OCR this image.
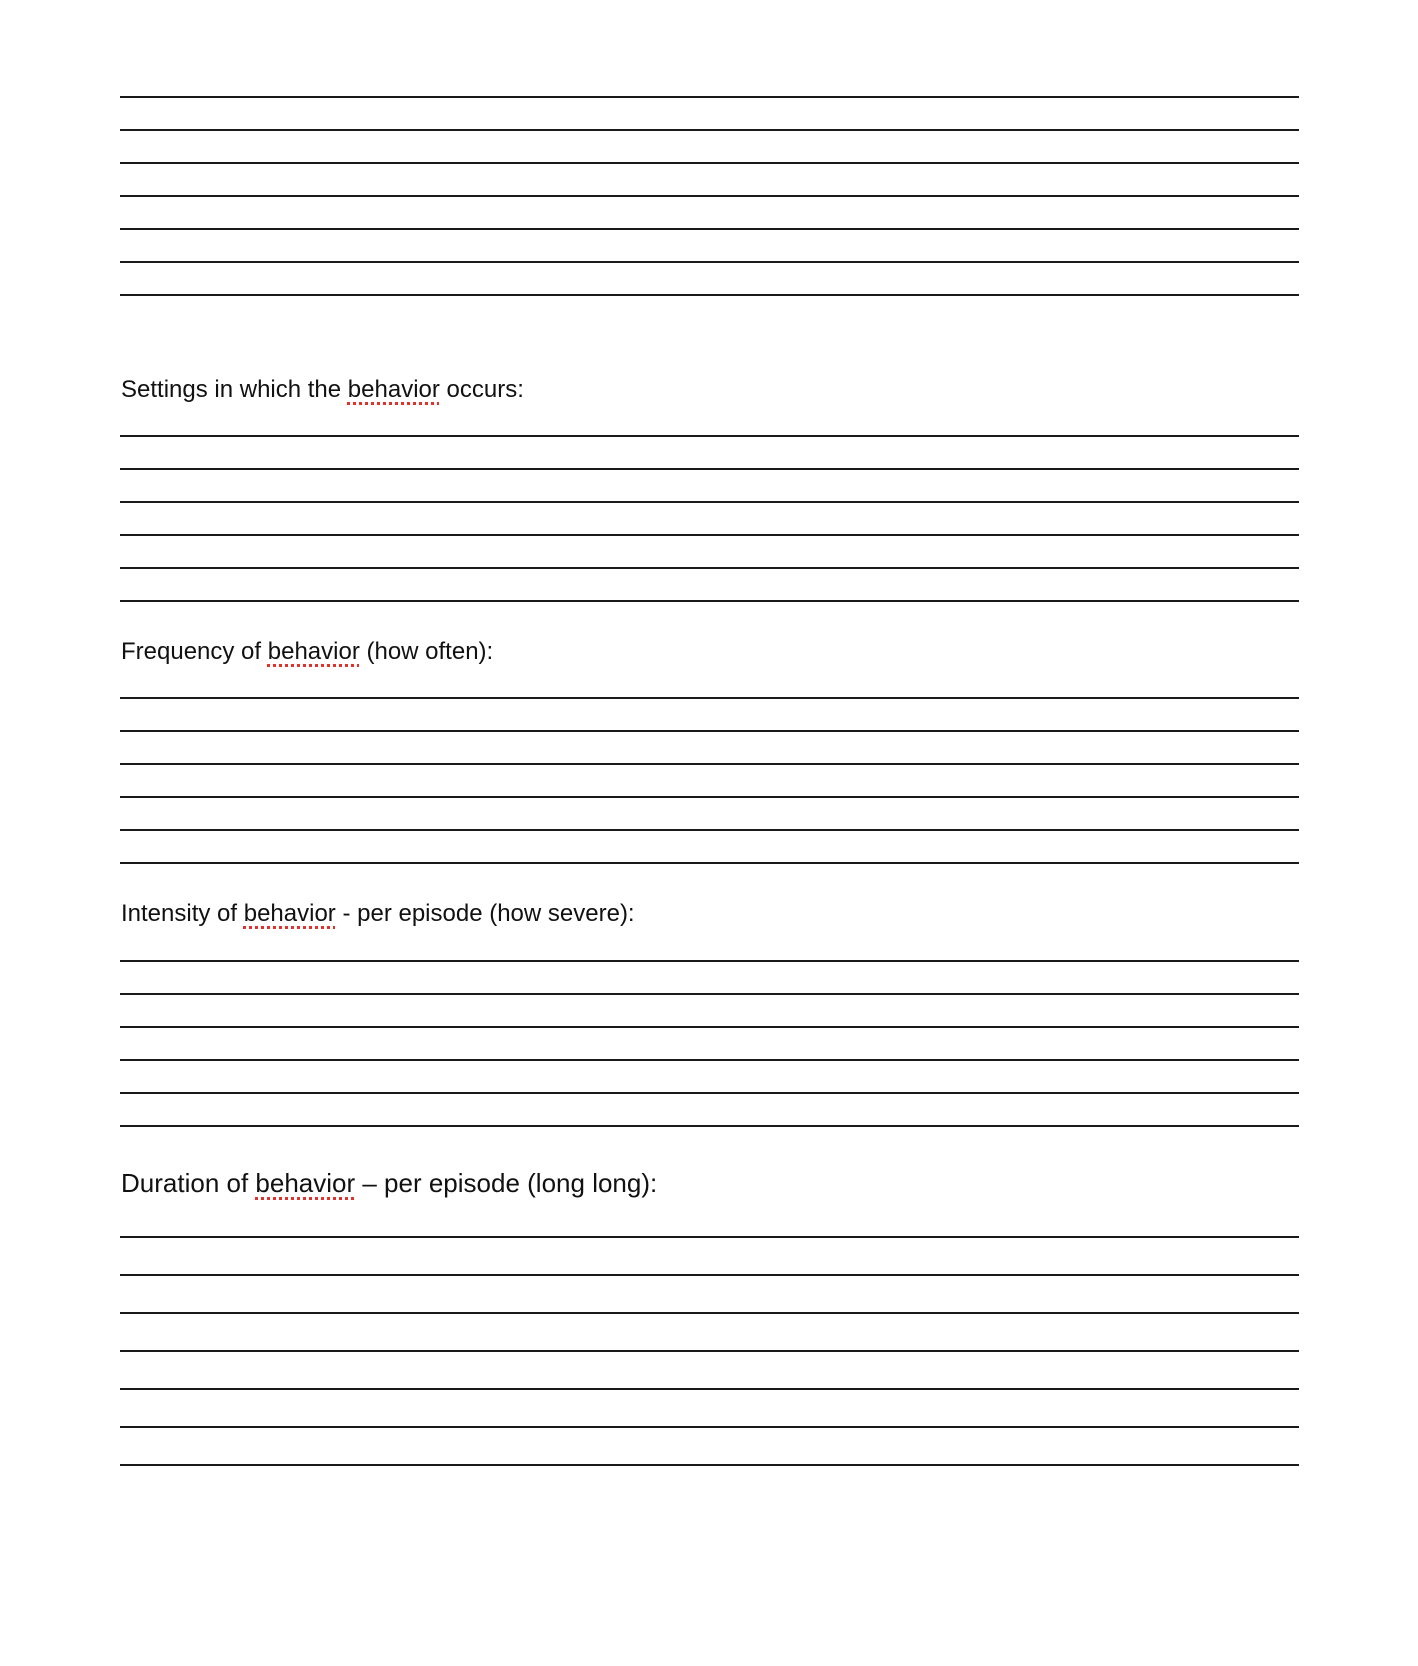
Settings in which the behavior occurs:
Frequency of behavior (how often):
Intensity of behavior - per episode (how severe):
Duration of behavior – per episode (long long):
